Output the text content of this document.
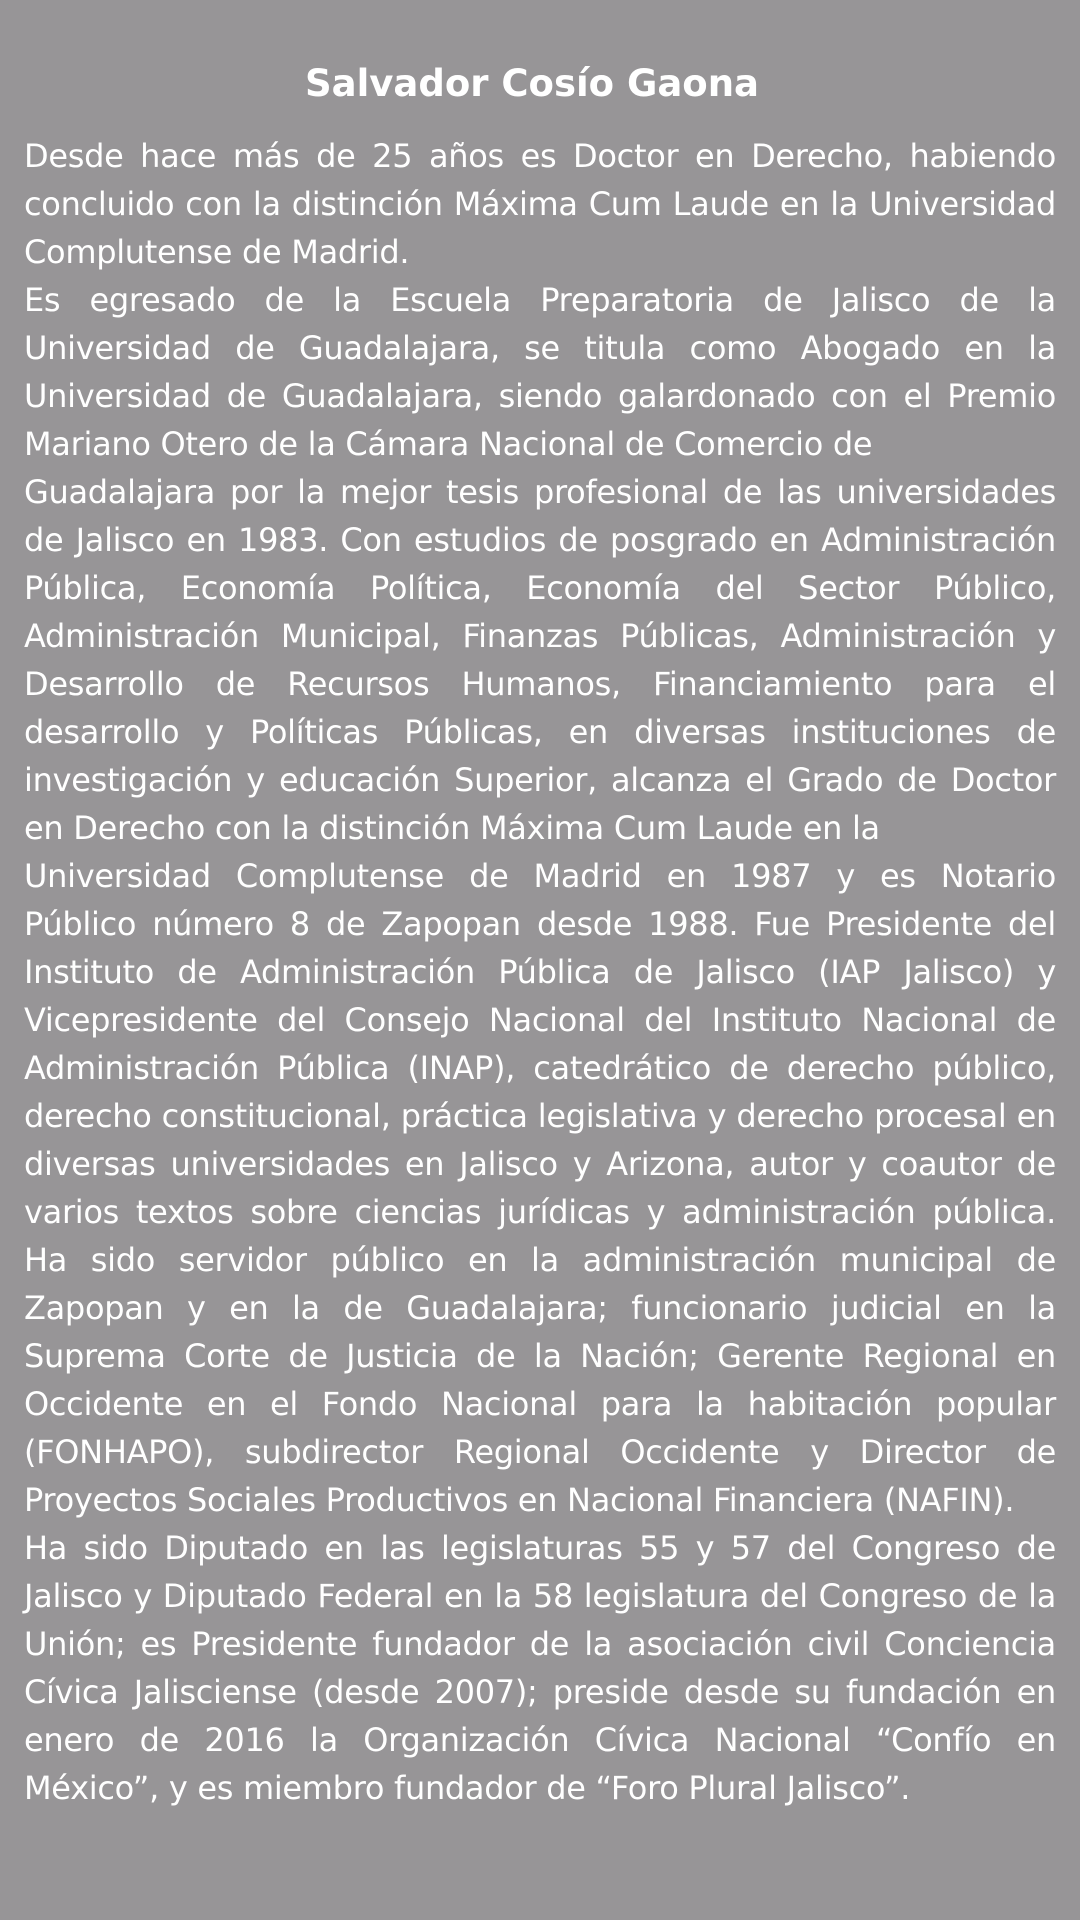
Salvador Cosío Gaona

Desde hace más de 25 años es Doctor en Derecho, habiendo concluido con la distinción Máxima Cum Laude en la Universidad Complutense de Madrid.

Es egresado de la Escuela Preparatoria de Jalisco de la Universidad de Guadalajara, se titula como Abogado en la Universidad de Guadalajara, siendo galardonado con el Premio Mariano Otero de la Cámara Nacional de Comercio de

Guadalajara por la mejor tesis profesional de las universidades de Jalisco en 1983. Con estudios de posgrado en Administración Pública, Economía Política, Economía del Sector Público, Administración Municipal, Finanzas Públicas, Administración y Desarrollo de Recursos Humanos, Financiamiento para el desarrollo y Políticas Públicas, en diversas instituciones de investigación y educación Superior, alcanza el Grado de Doctor en Derecho con la distinción Máxima Cum Laude en la

Universidad Complutense de Madrid en 1987 y es Notario Público número 8 de Zapopan desde 1988. Fue Presidente del Instituto de Administración Pública de Jalisco (IAP Jalisco) y Vicepresidente del Consejo Nacional del Instituto Nacional de Administración Pública (INAP), catedrático de derecho público, derecho constitucional, práctica legislativa y derecho procesal en diversas universidades en Jalisco y Arizona, autor y coautor de varios textos sobre ciencias jurídicas y administración pública. Ha sido servidor público en la administración municipal de Zapopan y en la de Guadalajara; funcionario judicial en la Suprema Corte de Justicia de la Nación; Gerente Regional en Occidente en el Fondo Nacional para la habitación popular (FONHAPO), subdirector Regional Occidente y Director de Proyectos Sociales Productivos en Nacional Financiera (NAFIN).

Ha sido Diputado en las legislaturas 55 y 57 del Congreso de Jalisco y Diputado Federal en la 58 legislatura del Congreso de la Unión; es Presidente fundador de la asociación civil Conciencia Cívica Jalisciense (desde 2007); preside desde su fundación en enero de 2016 la Organización Cívica Nacional “Confío en México”, y es miembro fundador de “Foro Plural Jalisco”.
